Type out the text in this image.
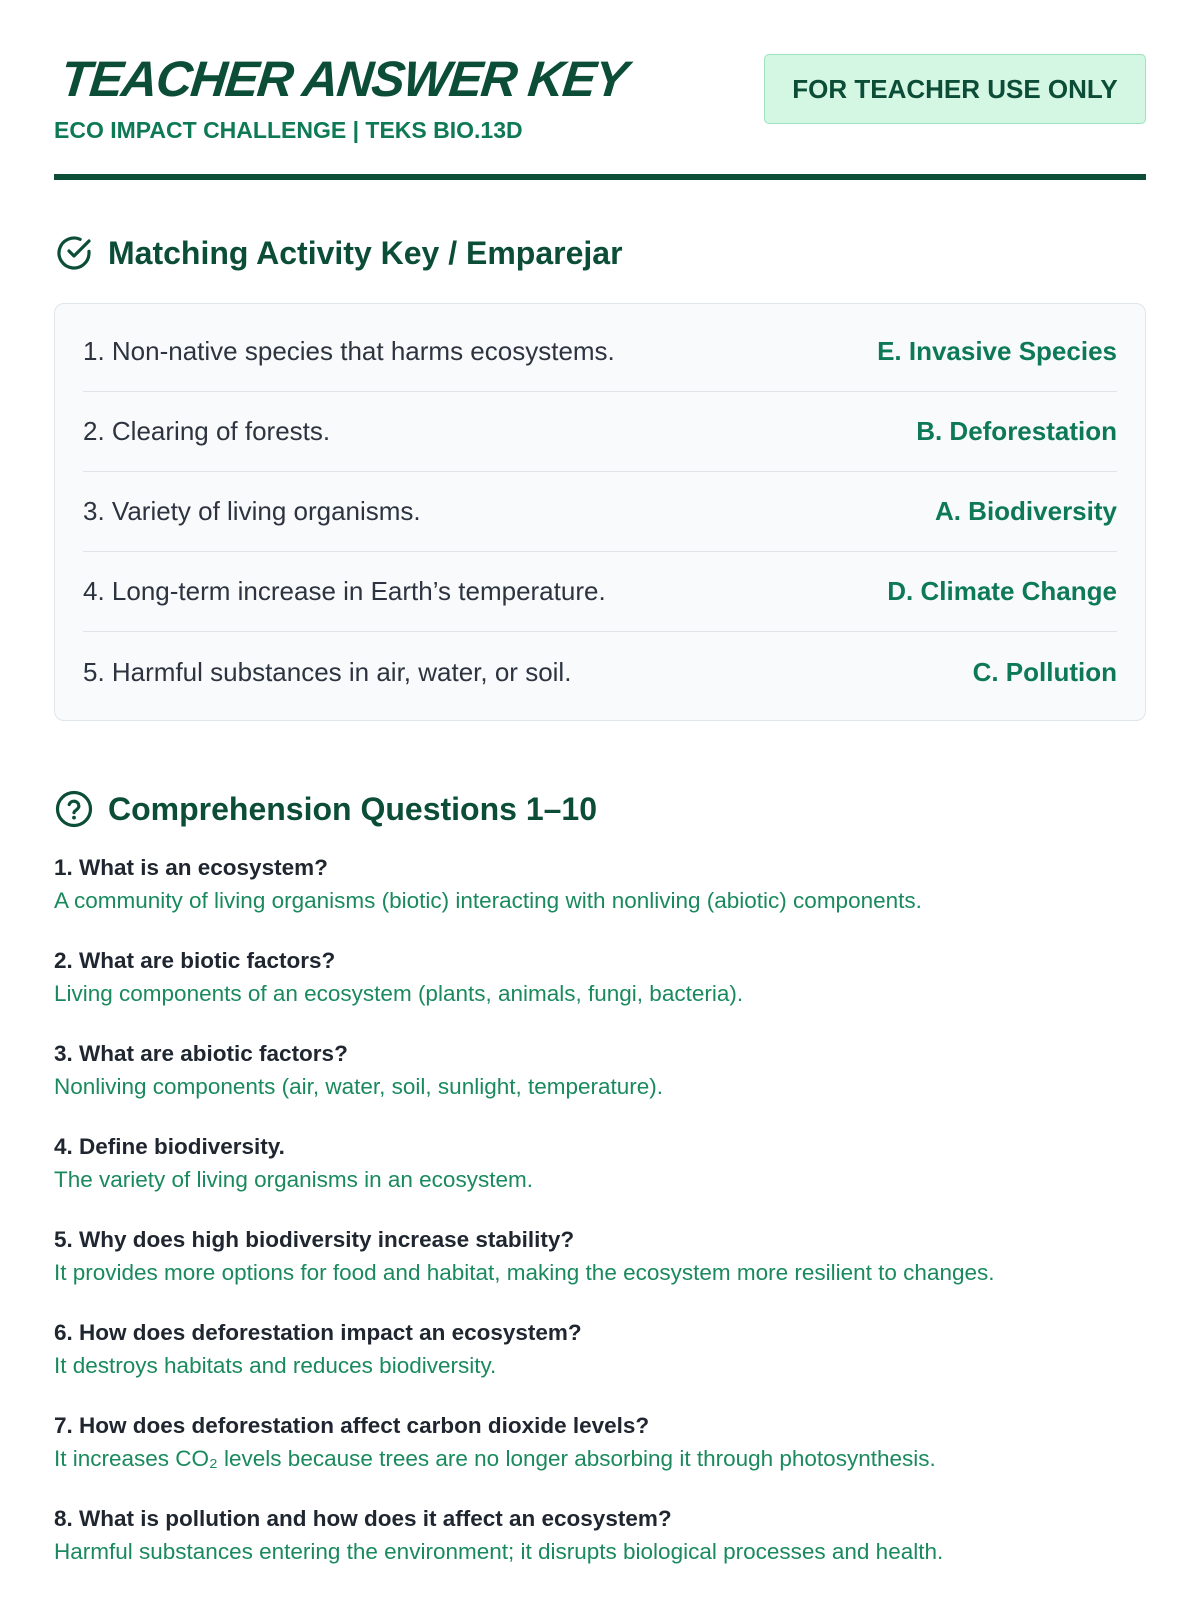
TEACHER ANSWER KEY
ECO IMPACT CHALLENGE | TEKS BIO.13D
FOR TEACHER USE ONLY
Matching Activity Key / Emparejar
1. Non-native species that harms ecosystems.	E. Invasive Species
2. Clearing of forests.	B. Deforestation
3. Variety of living organisms.	A. Biodiversity
4. Long-term increase in Earth’s temperature.	D. Climate Change
5. Harmful substances in air, water, or soil.	C. Pollution
Comprehension Questions 1–10
1. What is an ecosystem?
A community of living organisms (biotic) interacting with nonliving (abiotic) components.
2. What are biotic factors?
Living components of an ecosystem (plants, animals, fungi, bacteria).
3. What are abiotic factors?
Nonliving components (air, water, soil, sunlight, temperature).
4. Define biodiversity.
The variety of living organisms in an ecosystem.
5. Why does high biodiversity increase stability?
It provides more options for food and habitat, making the ecosystem more resilient to changes.
6. How does deforestation impact an ecosystem?
It destroys habitats and reduces biodiversity.
7. How does deforestation affect carbon dioxide levels?
It increases CO₂ levels because trees are no longer absorbing it through photosynthesis.
8. What is pollution and how does it affect an ecosystem?
Harmful substances entering the environment; it disrupts biological processes and health.
